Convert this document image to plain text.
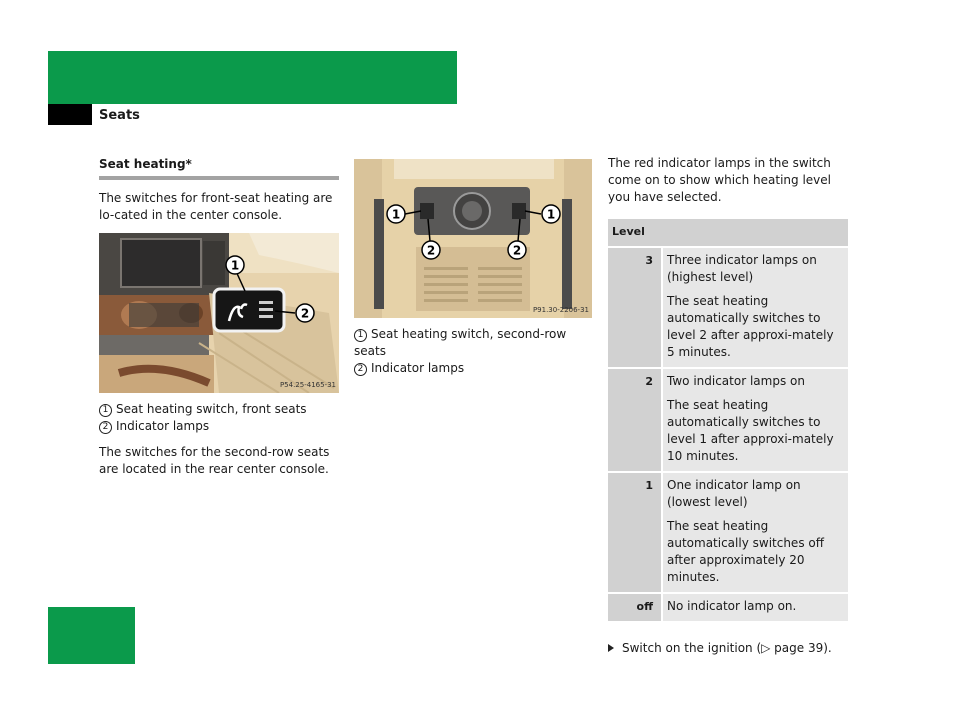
Controls in detail
Seats
Seat heating*

The switches for front-seat heating are lo-cated in the center console.

1
2
P54.25-4165-31
1 Seat heating switch, front seats
2 Indicator lamps

The switches for the second-row seats are located in the rear center console.

1	1
2	2
P91.30-2206-31
1 Seat heating switch, second-row seats
2 Indicator lamps

The red indicator lamps in the switch come on to show which heating level you have selected.

Level	
3	Three indicator lamps on (highest level)

The seat heating automatically switches to level 2 after approxi-mately 5 minutes.

2	Two indicator lamps on

The seat heating automatically switches to level 1 after approxi-mately 10 minutes.

1	One indicator lamp on (lowest level)

The seat heating automatically switches off after approximately 20 minutes.

off	No indicator lamp on.

Switch on the ignition (▷ page 39).
142
